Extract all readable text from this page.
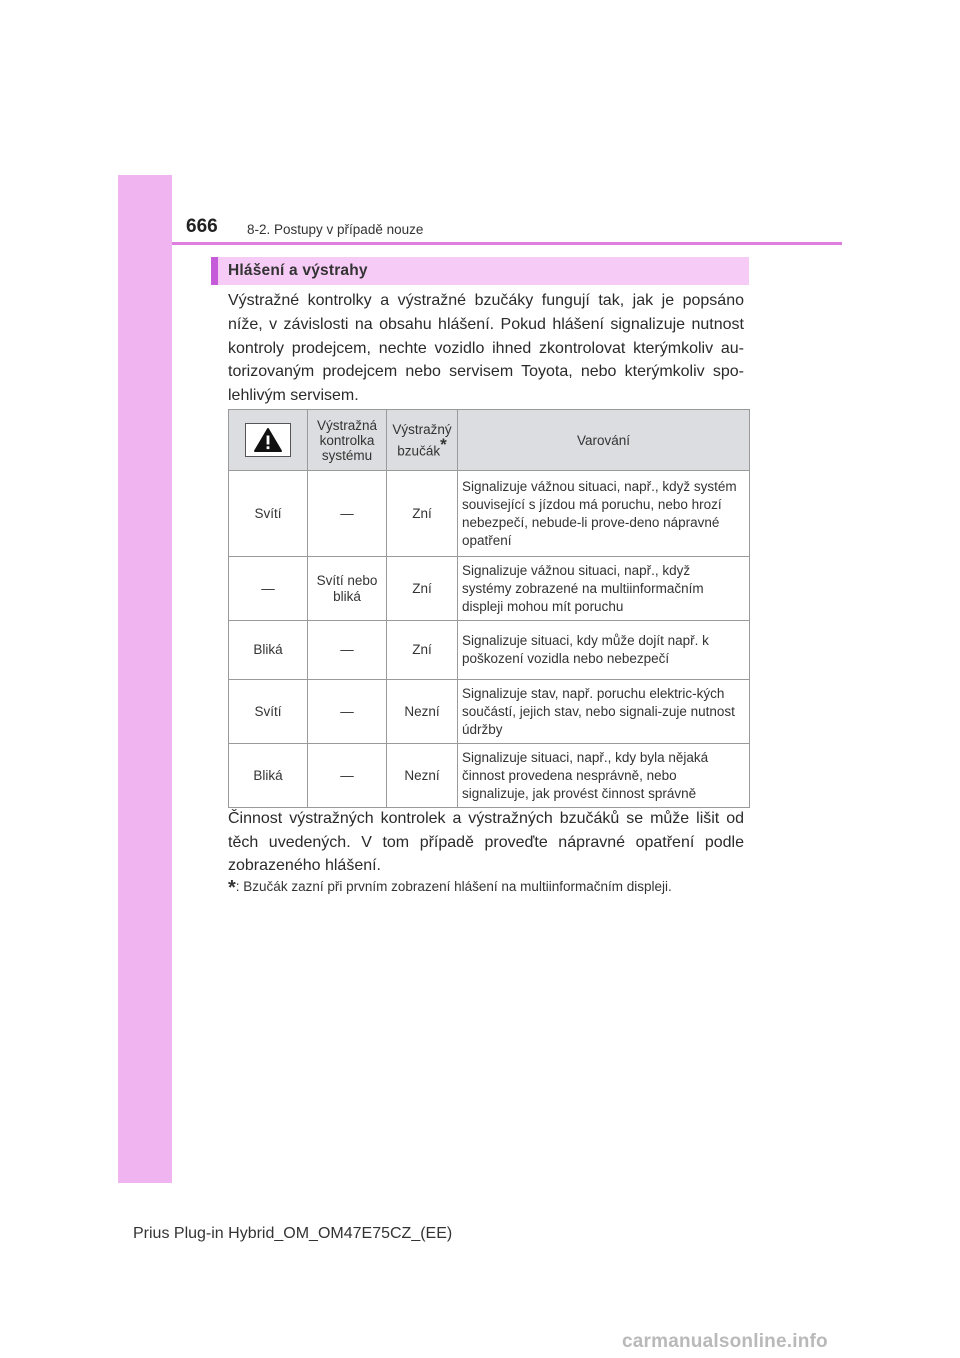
666 8-2. Postupy v případě nouze
Hlášení a výstrahy

Výstražné kontrolky a výstražné bzučáky fungují tak, jak je popsáno níže, v závislosti na obsahu hlášení. Pokud hlášení signalizuje nutnost kontroly prodejcem, nechte vozidlo ihned zkontrolovat kterýmkoliv au-torizovaným prodejcem nebo servisem Toyota, nebo kterýmkoliv spo-lehlivým servisem.

	Výstražná
kontrolka
systému	Výstražný
bzučák*	Varování
Svítí	—	Zní	Signalizuje vážnou situaci, např., když systém související s jízdou má poruchu, nebo hrozí nebezpečí, nebude-li prove-deno nápravné opatření
—	Svítí nebo bliká	Zní	Signalizuje vážnou situaci, např., když systémy zobrazené na multiinformačním displeji mohou mít poruchu
Bliká	—	Zní	Signalizuje situaci, kdy může dojít např. k poškození vozidla nebo nebezpečí
Svítí	—	Nezní	Signalizuje stav, např. poruchu elektric-kých součástí, jejich stav, nebo signali-zuje nutnost údržby
Bliká	—	Nezní	Signalizuje situaci, např., kdy byla nějaká činnost provedena nesprávně, nebo signalizuje, jak provést činnost správně

Činnost výstražných kontrolek a výstražných bzučáků se může lišit od těch uvedených. V tom případě proveďte nápravné opatření podle zobrazeného hlášení.

*: Bzučák zazní při prvním zobrazení hlášení na multiinformačním displeji.
Prius Plug-in Hybrid_OM_OM47E75CZ_(EE)
carmanualsonline.info
